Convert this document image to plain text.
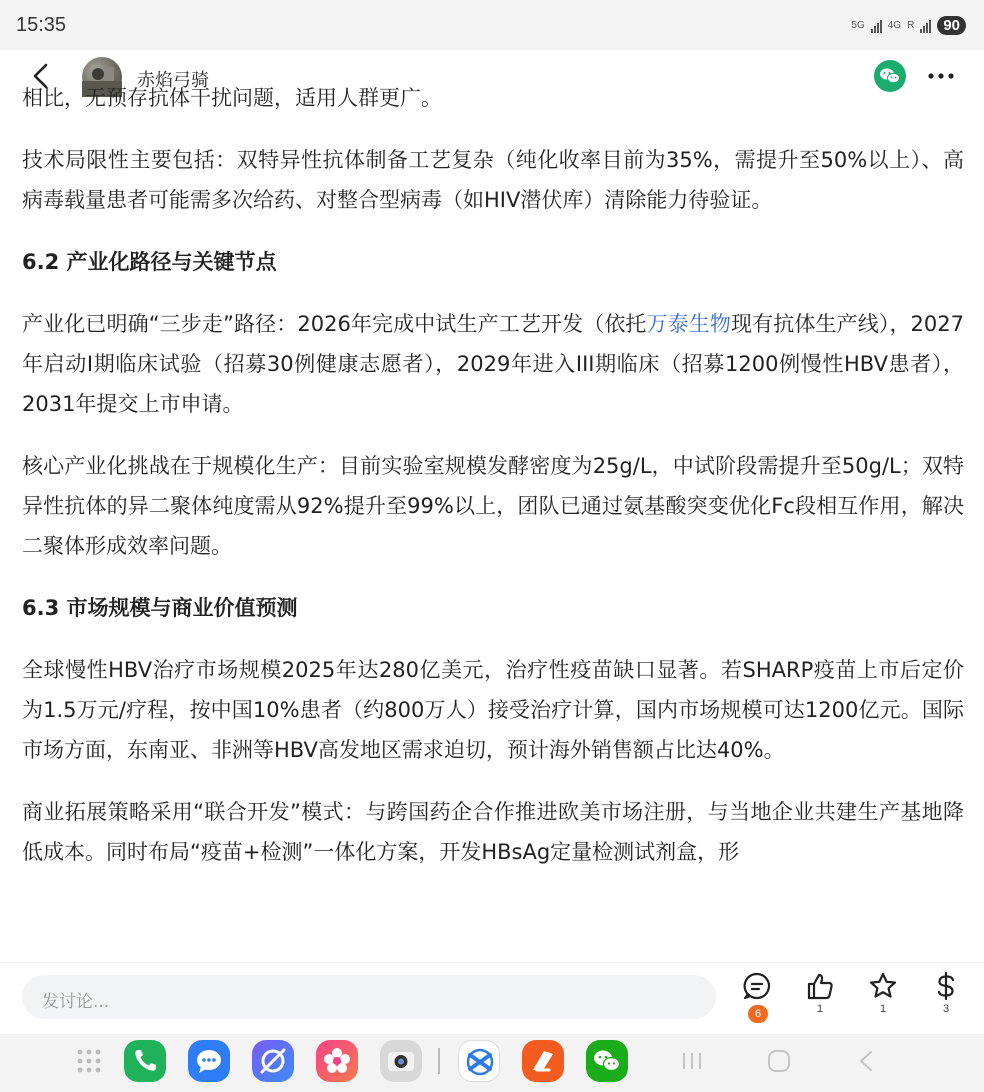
15:35	5G 4G R	90
赤焰弓骑

相比，无预存抗体干扰问题，适用人群更广。

技术局限性主要包括：双特异性抗体制备工艺复杂（纯化收率目前为35%，需提升至50%以上）、高病毒载量患者可能需多次给药、对整合型病毒（如HIV潜伏库）清除能力待验证。

6.2 产业化路径与关键节点

产业化已明确“三步走”路径：2026年完成中试生产工艺开发（依托万泰生物现有抗体生产线），2027年启动I期临床试验（招募30例健康志愿者），2029年进入III期临床（招募1200例慢性HBV患者），2031年提交上市申请。

核心产业化挑战在于规模化生产：目前实验室规模发酵密度为25g/L，中试阶段需提升至50g/L；双特异性抗体的异二聚体纯度需从92%提升至99%以上，团队已通过氨基酸突变优化Fc段相互作用，解决二聚体形成效率问题。

6.3 市场规模与商业价值预测

全球慢性HBV治疗市场规模2025年达280亿美元，治疗性疫苗缺口显著。若SHARP疫苗上市后定价为1.5万元/疗程，按中国10%患者（约800万人）接受治疗计算，国内市场规模可达1200亿元。国际市场方面，东南亚、非洲等HBV高发地区需求迫切，预计海外销售额占比达40%。

商业拓展策略采用“联合开发”模式：与跨国药企合作推进欧美市场注册，与当地企业共建生产基地降低成本。同时布局“疫苗+检测”一体化方案，开发HBsAg定量检测试剂盒，形

发讨论...
6	1	1	3
